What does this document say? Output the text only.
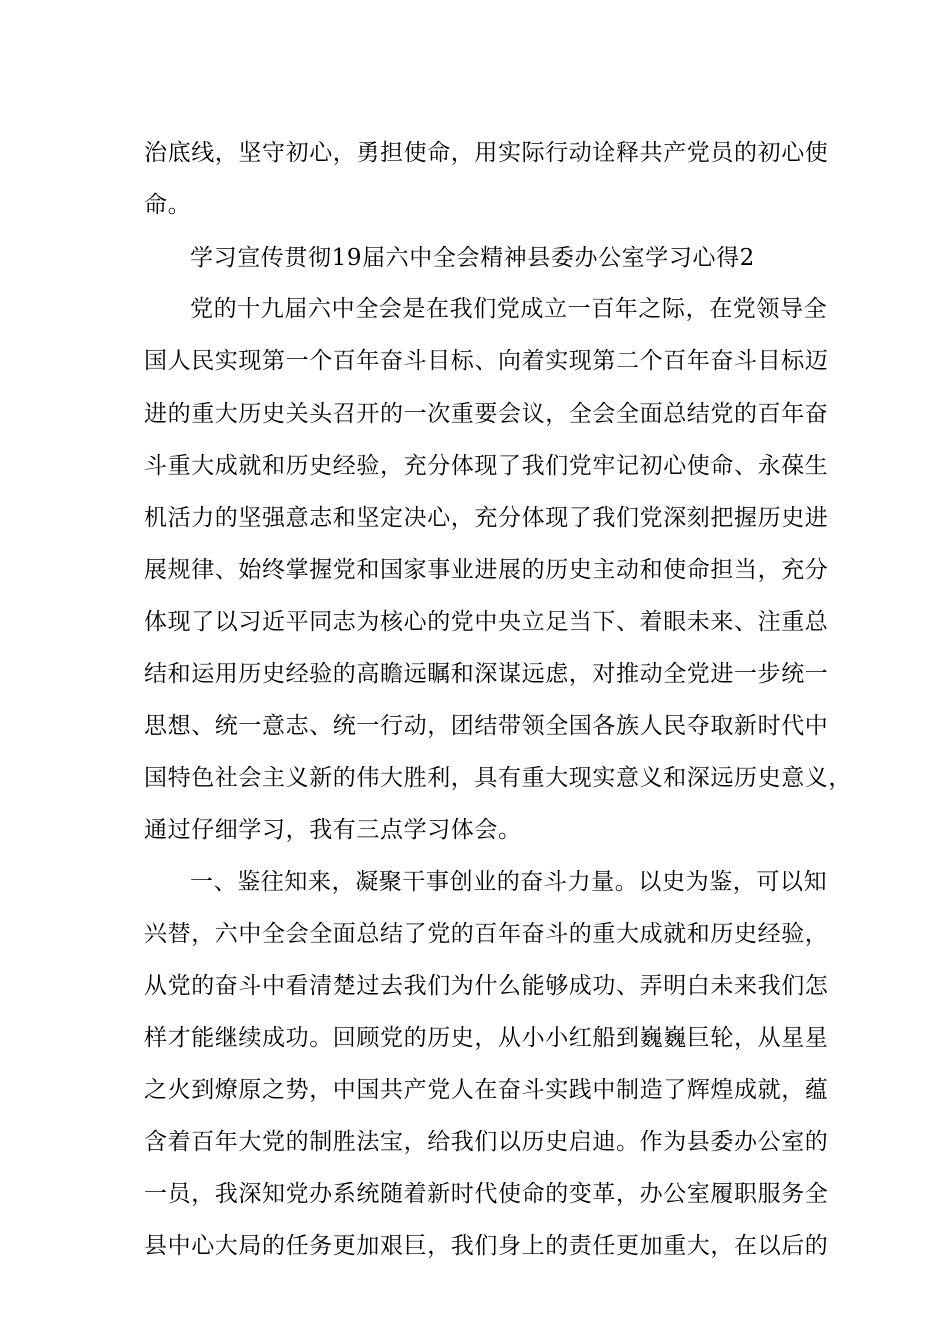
治底线，坚守初心，勇担使命，用实际行动诠释共产党员的初心使
命。
学习宣传贯彻19届六中全会精神县委办公室学习心得2
党的十九届六中全会是在我们党成立一百年之际，在党领导全
国人民实现第一个百年奋斗目标、向着实现第二个百年奋斗目标迈
进的重大历史关头召开的一次重要会议，全会全面总结党的百年奋
斗重大成就和历史经验，充分体现了我们党牢记初心使命、永葆生
机活力的坚强意志和坚定决心，充分体现了我们党深刻把握历史进
展规律、始终掌握党和国家事业进展的历史主动和使命担当，充分
体现了以习近平同志为核心的党中央立足当下、着眼未来、注重总
结和运用历史经验的高瞻远瞩和深谋远虑，对推动全党进一步统一
思想、统一意志、统一行动，团结带领全国各族人民夺取新时代中
国特色社会主义新的伟大胜利，具有重大现实意义和深远历史意义，
通过仔细学习，我有三点学习体会。
一、鉴往知来，凝聚干事创业的奋斗力量。以史为鉴，可以知
兴替，六中全会全面总结了党的百年奋斗的重大成就和历史经验，
从党的奋斗中看清楚过去我们为什么能够成功、弄明白未来我们怎
样才能继续成功。回顾党的历史，从小小红船到巍巍巨轮，从星星
之火到燎原之势，中国共产党人在奋斗实践中制造了辉煌成就，蕴
含着百年大党的制胜法宝，给我们以历史启迪。作为县委办公室的
一员，我深知党办系统随着新时代使命的变革，办公室履职服务全
县中心大局的任务更加艰巨，我们身上的责任更加重大，在以后的
